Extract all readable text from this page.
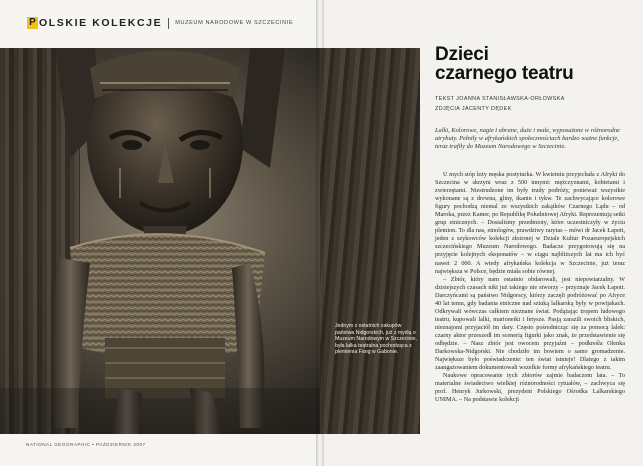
P OLSKIE KOLEKCJE MUZEUM NARODOWE W SZCZECINIE
NATIONAL GEOGRAPHIC • PAŹDZIERNIK 2007
Dzieci
czarnego teatru
TEKST JOANNA STANISŁAWSKA-ORŁOWSKA
ZDJĘCIA JACENTY DĘDEK
Lalki, Kolorowe, nagie i ubrane, duże i małe, wyposażone w różnorodne atrybuty. Pełniły w afrykańskich społecznościach bardzo ważne funkcje, teraz trafiły do Muzeum Narodowego w Szczecinie.

U mych stóp leży męska postyturka. W kwietniu przyjechała z Afryki do Szczecina w skrzyni wraz z 500 innymi: mężczyznami, kobietami i zwierzętami. Niestrudzone im były trudy podróży, ponieważ wszystkie wykonane są z drewna, gliny, tkanin i tykw. Te zachwycające kolorowe figury pochodzą niemal ze wszystkich zakątków Czarnego Lądu – od Maroka, przez Kamer, po Republikę Południowej Afryki. Reprezentują setki grup etnicznych. – Dostaliśmy przedmioty, które uczestniczyły w życiu plemion. To dla nas, etnologów, prawdziwy rarytas – mówi dr Jacek Łapott, jeden z szykowców kolekcji złożonej w Dziale Kultur Pozaeuropejskich szczecińskiego Muzeum Narodowego. Badacze przygotowują się na przyjęcie kolejnych eksponatów – w ciągu najbliższych lat ma ich być nawet 2 000. A wtedy afrykańska kolekcja w Szczecinie, już teraz największa w Polsce, będzie miała sobie równej.

– Zbiór, który nam ostatnio obdarowali, jest niepowtarzalny. W dzisiejszych czasach nikt już takiego nie stworzy – przyznaje Jacek Łapott. Darczyńcami są państwo Nidgorscy, którzy zaczęli podróżować po Afryce 40 lat temu, gdy badania etniczne nad sztuką lalkarską były w powijakach. Odkrywali wówczas całkiem nieznane świat. Podążając tropem ludowego teatru, kupowali lalki, marionetki i fetysze. Pasją zarazili swoich bliskich, nieznajomi przyjaciół im dary. Często pośrednicząc się za pomocą lalek: czarny aktor przeszedł im scenerią figurki jako znak, że przedstawienie się odbędzie. – Nasz zbiór jest owocem przyjaźni – podkreśla Olenka Darkowska-Nidgorski. Nie chodziło im bowiem o samo gromadzenie. Największe było poświadczenie: ten świat istnieje! Dlatego z takim zaangażowaniem dokumentowali wszelkie formy afrykańskiego teatru.

Naukowe opracowanie tych zbiorów zajmie badaczom lata. – To materialne świadectwo wielkiej różnorodności rytuałów, – zachwyca się prof. Henryk Jurkowski, prezydent Polskiego Ośrodka Lalkarskiego UNIMA. – Na podstawie kolekcji

Jednym z ostatnich zakupów państwa Nidgorskich, już z myślą o Muzeum Narodowym w Szczecinie, była lalka teatralna pochodząca z plemienia Fang w Gabonie.
